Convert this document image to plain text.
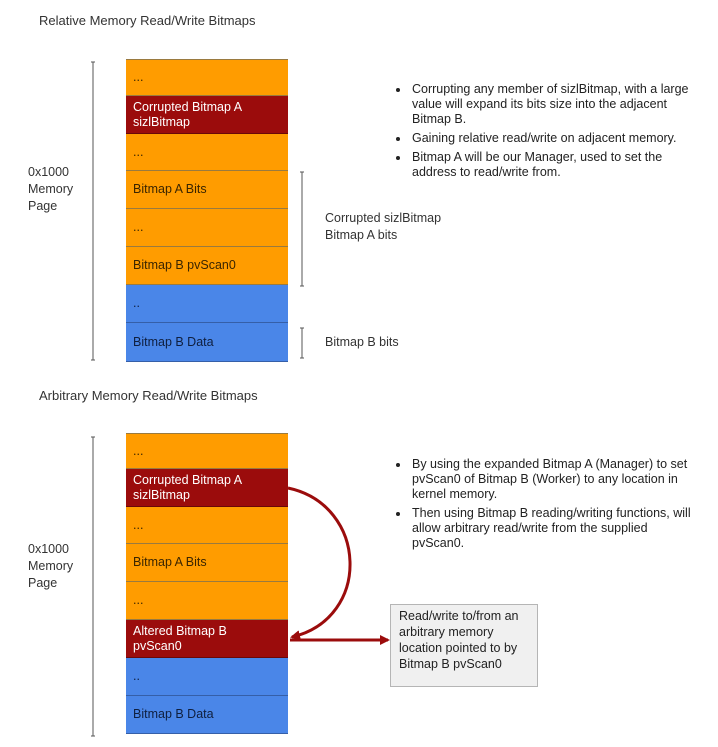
Relative Memory Read/Write Bitmaps
0x1000
Memory
Page
...
Corrupted Bitmap A
sizlBitmap
...
Bitmap A Bits
...
Bitmap B pvScan0
..
Bitmap B Data
Corrupted sizlBitmap
Bitmap A bits
Bitmap B bits
• Corrupting any member of sizlBitmap, with a large value will expand its bits size into the adjacent Bitmap B.
• Gaining relative read/write on adjacent memory.
• Bitmap A will be our Manager, used to set the address to read/write from.
Arbitrary Memory Read/Write Bitmaps
0x1000
Memory
Page
...
Corrupted Bitmap A
sizlBitmap
...
Bitmap A Bits
...
Altered Bitmap B
pvScan0
..
Bitmap B Data
• By using the expanded Bitmap A (Manager) to set pvScan0 of Bitmap B (Worker) to any location in kernel memory.
• Then using Bitmap B reading/writing functions, will allow arbitrary read/write from the supplied pvScan0.
Read/write to/from an arbitrary memory location pointed to by Bitmap B pvScan0
